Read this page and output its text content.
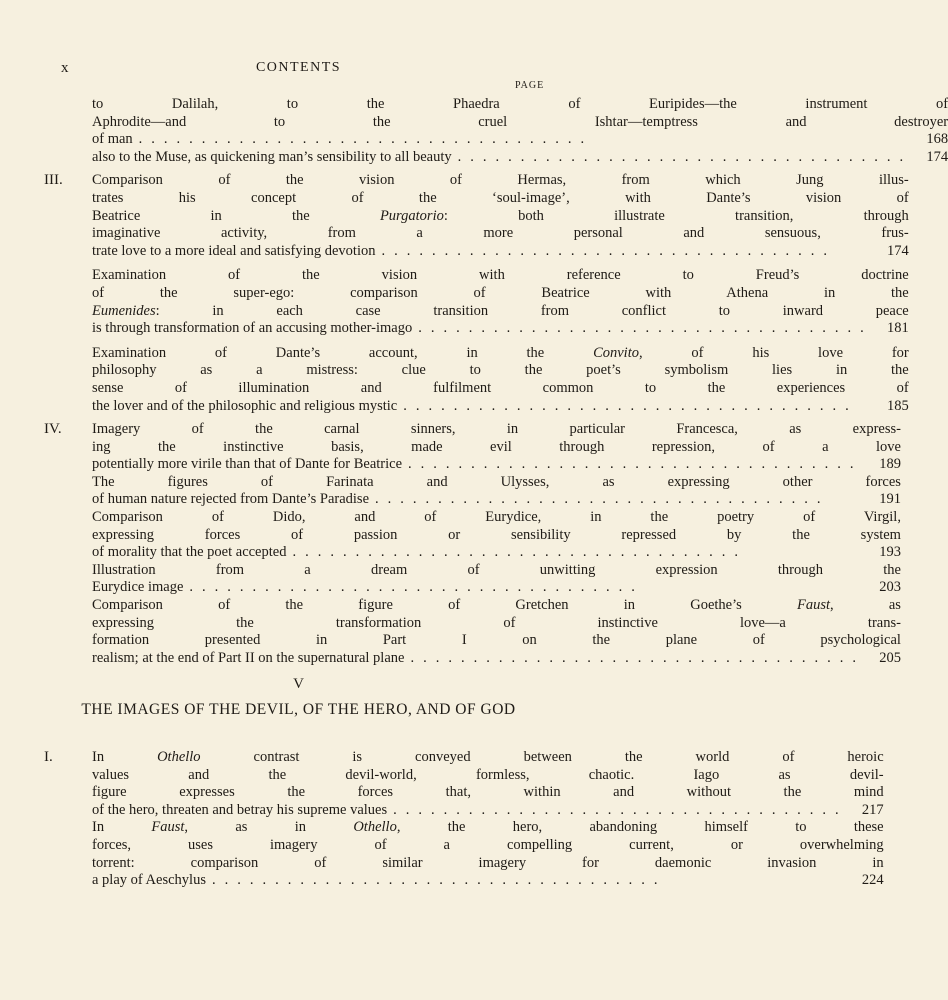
x	CONTENTS
PAGE
to Dalilah, to the Phaedra of Euripides—the instrument of
Aphrodite—and to the cruel Ishtar—temptress and destroyer
of man ....................................	168
also to the Muse, as quickening man’s sensibility to all beauty .................................... 174
III.	Comparison of the vision of Hermas, from which Jung illus-
trates his concept of the ‘soul-image’, with Dante’s vision of
Beatrice in the Purgatorio: both illustrate transition, through
imaginative activity, from a more personal and sensuous, frus-
trate love to a more ideal and satisfying devotion ....................................	174
Examination of the vision with reference to Freud’s doctrine
of the super-ego: comparison of Beatrice with Athena in the
Eumenides: in each case transition from conflict to inward peace
is through transformation of an accusing mother-imago .................................... 181
Examination of Dante’s account, in the Convito, of his love for
philosophy as a mistress: clue to the poet’s symbolism lies in the
sense of illumination and fulfilment common to the experiences of
the lover and of the philosophic and religious mystic ....................................	185
IV.	Imagery of the carnal sinners, in particular Francesca, as express-
ing the instinctive basis, made evil through repression, of a love
potentially more virile than that of Dante for Beatrice ....................................	189
The figures of Farinata and Ulysses, as expressing other forces
of human nature rejected from Dante’s Paradise ....................................	191
Comparison of Dido, and of Eurydice, in the poetry of Virgil,
expressing forces of passion or sensibility repressed by the system
of morality that the poet accepted ....................................	193
Illustration from a dream of unwitting expression through the
Eurydice image ....................................	203
Comparison of the figure of Gretchen in Goethe’s Faust, as
expressing the transformation of instinctive love—a trans-
formation presented in Part I on the plane of psychological
realism; at the end of Part II on the supernatural plane .................................... 205
V
THE IMAGES OF THE DEVIL, OF THE HERO, AND OF GOD
I.	In Othello contrast is conveyed between the world of heroic
values and the devil-world, formless, chaotic. Iago as devil-
figure expresses the forces that, within and without the mind
of the hero, threaten and betray his supreme values .................................... 217
In Faust, as in Othello, the hero, abandoning himself to these
forces, uses imagery of a compelling current, or overwhelming
torrent: comparison of similar imagery for daemonic invasion in
a play of Aeschylus ....................................	224
